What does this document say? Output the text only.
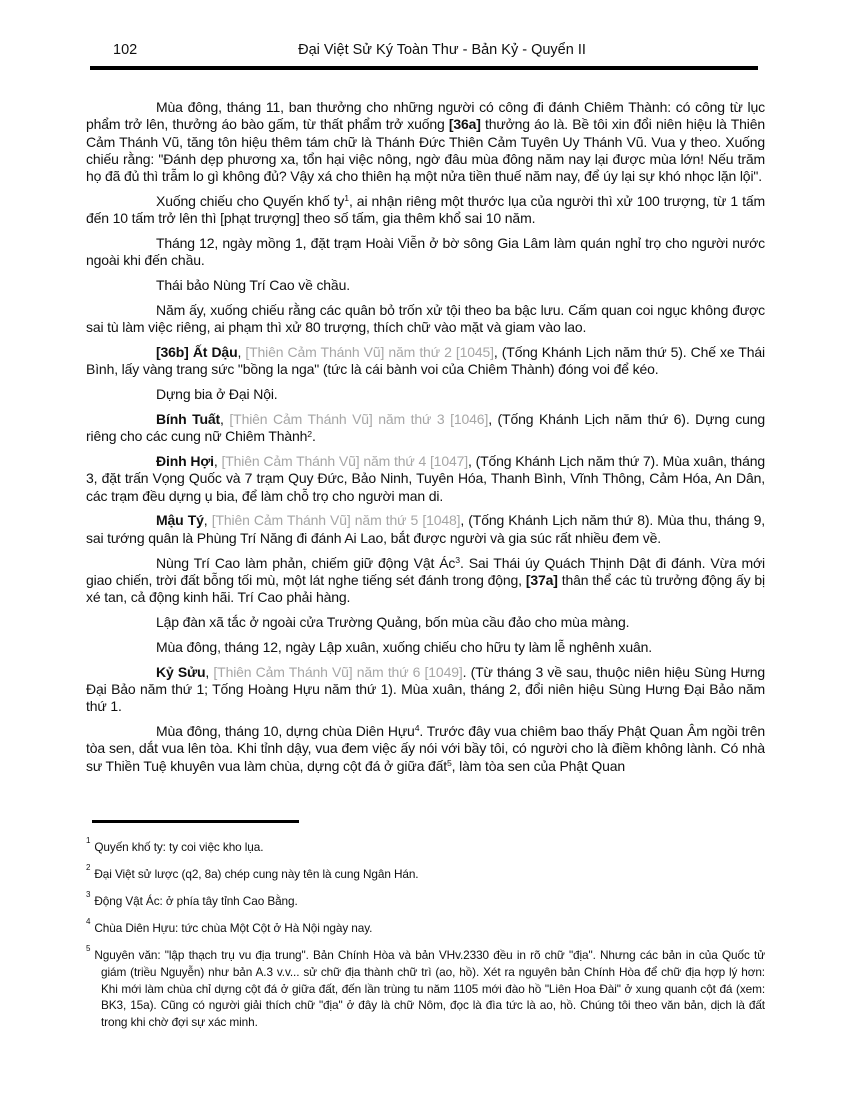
102	Đại Việt Sử Ký Toàn Thư - Bản Kỷ - Quyển II

Mùa đông, tháng 11, ban thưởng cho những người có công đi đánh Chiêm Thành: có công từ lục phẩm trở lên, thưởng áo bào gấm, từ thất phẩm trở xuống [36a] thưởng áo là. Bề tôi xin đổi niên hiệu là Thiên Cảm Thánh Vũ, tăng tôn hiệu thêm tám chữ là Thánh Đức Thiên Cảm Tuyên Uy Thánh Vũ. Vua y theo. Xuống chiếu rằng: "Đánh dẹp phương xa, tổn hại việc nông, ngờ đâu mùa đông năm nay lại được mùa lớn! Nếu trăm họ đã đủ thì trẫm lo gì không đủ? Vậy xá cho thiên hạ một nửa tiền thuế năm nay, để úy lại sự khó nhọc lặn lội".

Xuống chiếu cho Quyến khố ty$^1$, ai nhận riêng một thước lụa của người thì xử 100 trượng, từ 1 tấm đến 10 tấm trở lên thì [phạt trượng] theo số tấm, gia thêm khổ sai 10 năm.

Tháng 12, ngày mồng 1, đặt trạm Hoài Viễn ở bờ sông Gia Lâm làm quán nghỉ trọ cho người nước ngoài khi đến chầu.

Thái bảo Nùng Trí Cao về chầu.

Năm ấy, xuống chiếu rằng các quân bỏ trốn xử tội theo ba bậc lưu. Cấm quan coi ngục không được sai tù làm việc riêng, ai phạm thì xử 80 trượng, thích chữ vào mặt và giam vào lao.

[36b] Ất Dậu, [Thiên Cảm Thánh Vũ] năm thứ 2 [1045], (Tống Khánh Lịch năm thứ 5). Chế xe Thái Bình, lấy vàng trang sức "bồng la nga" (tức là cái bành voi của Chiêm Thành) đóng voi để kéo.

Dựng bia ở Đại Nội.

Bính Tuất, [Thiên Cảm Thánh Vũ] năm thứ 3 [1046], (Tống Khánh Lịch năm thứ 6). Dựng cung riêng cho các cung nữ Chiêm Thành$^2$.

Đinh Hợi, [Thiên Cảm Thánh Vũ] năm thứ 4 [1047], (Tống Khánh Lịch năm thứ 7). Mùa xuân, tháng 3, đặt trấn Vọng Quốc và 7 trạm Quy Đức, Bảo Ninh, Tuyên Hóa, Thanh Bình, Vĩnh Thông, Cảm Hóa, An Dân, các trạm đều dựng ụ bia, để làm chỗ trọ cho người man di.

Mậu Tý, [Thiên Cảm Thánh Vũ] năm thứ 5 [1048], (Tống Khánh Lịch năm thứ 8). Mùa thu, tháng 9, sai tướng quân là Phùng Trí Năng đi đánh Ai Lao, bắt được người và gia súc rất nhiều đem về.

Nùng Trí Cao làm phản, chiếm giữ động Vật Ác$^3$. Sai Thái úy Quách Thịnh Dật đi đánh. Vừa mới giao chiến, trời đất bỗng tối mù, một lát nghe tiếng sét đánh trong động, [37a] thân thể các tù trưởng động ấy bị xé tan, cả động kinh hãi. Trí Cao phải hàng.

Lập đàn xã tắc ở ngoài cửa Trường Quảng, bốn mùa cầu đảo cho mùa màng.

Mùa đông, tháng 12, ngày Lập xuân, xuống chiếu cho hữu ty làm lễ nghênh xuân.

Kỷ Sửu, [Thiên Cảm Thánh Vũ] năm thứ 6 [1049]. (Từ tháng 3 về sau, thuộc niên hiệu Sùng Hưng Đại Bảo năm thứ 1; Tống Hoàng Hựu năm thứ 1). Mùa xuân, tháng 2, đổi niên hiệu Sùng Hưng Đại Bảo năm thứ 1.

Mùa đông, tháng 10, dựng chùa Diên Hựu$^4$. Trước đây vua chiêm bao thấy Phật Quan Âm ngồi trên tòa sen, dắt vua lên tòa. Khi tỉnh dậy, vua đem việc ấy nói với bầy tôi, có người cho là điềm không lành. Có nhà sư Thiền Tuệ khuyên vua làm chùa, dựng cột đá ở giữa đất$^5$, làm tòa sen của Phật Quan

$^1$ Quyến khố ty: ty coi việc kho lụa.

$^2$ Đại Việt sử lược (q2, 8a) chép cung này tên là cung Ngân Hán.

$^3$ Động Vật Ác: ở phía tây tỉnh Cao Bằng.

$^4$ Chùa Diên Hựu: tức chùa Một Cột ở Hà Nội ngày nay.

$^5$ Nguyên văn: "lập thạch trụ vu địa trung". Bản Chính Hòa và bản VHv.2330 đều in rõ chữ "địa". Nhưng các bản in của Quốc tử giám (triều Nguyễn) như bản A.3 v.v... sử chữ địa thành chữ trì (ao, hồ). Xét ra nguyên bản Chính Hòa để chữ địa hợp lý hơn: Khi mới làm chùa chỉ dựng cột đá ở giữa đất, đến lần trùng tu năm 1105 mới đào hồ "Liên Hoa Đài" ở xung quanh cột đá (xem: BK3, 15a). Cũng có người giải thích chữ "địa" ở đây là chữ Nôm, đọc là đìa tức là ao, hồ. Chúng tôi theo văn bản, dịch là đất trong khi chờ đợi sự xác minh.
